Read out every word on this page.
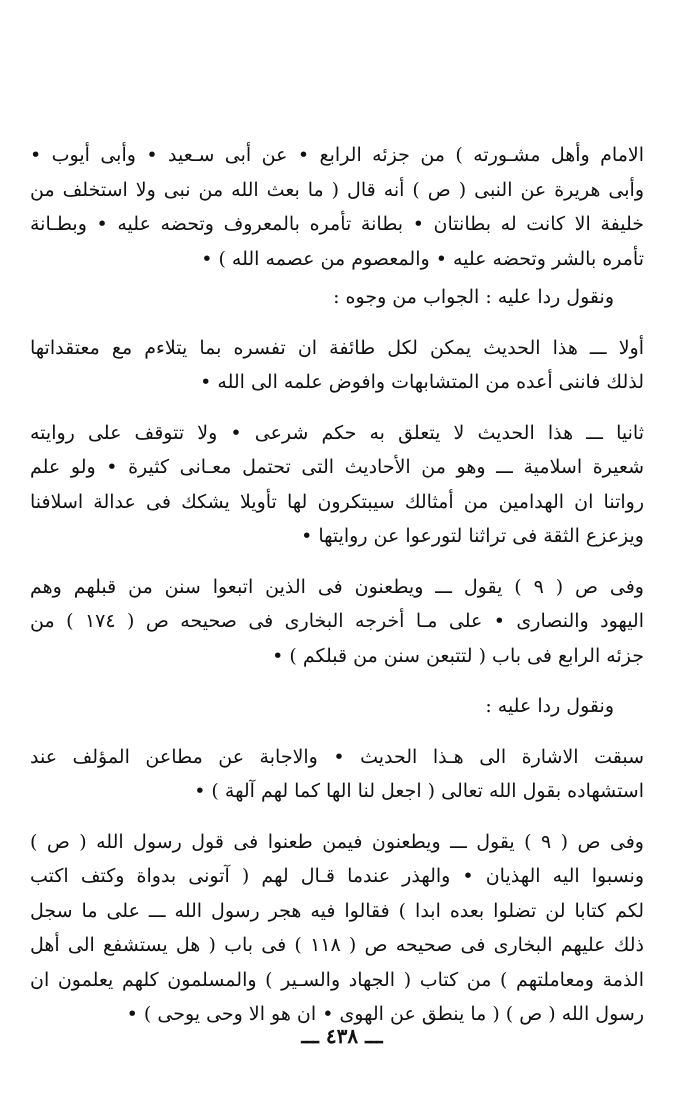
الامام وأهل مشـورته ) من جزئه الرابع • عن أبى سـعيد • وأبى أيوب •
وأبى هريرة عن النبى ( ص ) أنه قال ( ما بعث الله من نبى ولا استخلف من
خليفة الا كانت له بطانتان • بطانة تأمره بالمعروف وتحضه عليه • وبطـانة
تأمره بالشر وتحضه عليه • والمعصوم من عصمه الله ) •
ونقول ردا عليه : الجواب من وجوه :
أولا ـــ هذا الحديث يمكن لكل طائفة ان تفسره بما يتلاءم مع معتقداتها
لذلك فاننى أعده من المتشابهات وافوض علمه الى الله •
ثانيا ـــ هذا الحديث لا يتعلق به حكم شرعى • ولا تتوقف على روايته
شعيرة اسلامية ـــ وهو من الأحاديث التى تحتمل معـانى كثيرة • ولو علم
رواتنا ان الهدامين من أمثالك سيبتكرون لها تأويلا يشكك فى عدالة اسلافنا
ويزعزع الثقة فى تراثنا لتورعوا عن روايتها •
وفى ص ( ٩ ) يقول ـــ ويطعنون فى الذين اتبعوا سنن من قبلهم وهم
اليهود والنصارى • على مـا أخرجه البخارى فى صحيحه ص ( ١٧٤ ) من
جزئه الرابع فى باب ( لتتبعن سنن من قبلكم ) •
ونقول ردا عليه :
سبقت الاشارة الى هـذا الحديث • والاجابة عن مطاعن المؤلف عند
استشهاده بقول الله تعالى ( اجعل لنا الها كما لهم آلهة ) •
وفى ص ( ٩ ) يقول ـــ ويطعنون فيمن طعنوا فى قول رسول الله ( ص )
ونسبوا اليه الهذيان • والهذر عندما قـال لهم ( آتونى بدواة وكتف اكتب
لكم كتابا لن تضلوا بعده ابدا ) فقالوا فيه هجر رسول الله ـــ على ما سجل
ذلك عليهم البخارى فى صحيحه ص ( ١١٨ ) فى باب ( هل يستشفع الى أهل
الذمة ومعاملتهم ) من كتاب ( الجهاد والسـير ) والمسلمون كلهم يعلمون ان
رسول الله ( ص ) ( ما ينطق عن الهوى • ان هو الا وحى يوحى ) •
ـــ ٤٣٨ ـــ
